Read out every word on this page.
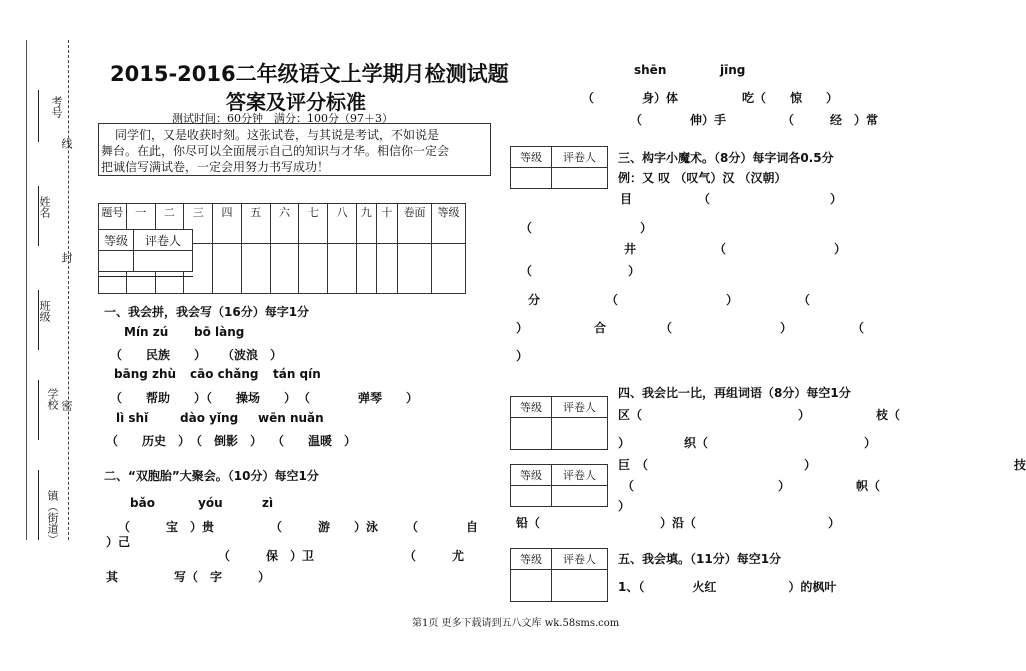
考号
线
姓名
封
班级
学校 密
镇（街道）
2015-2016二年级语文上学期月检测试题
答案及评分标准
测试时间：60分钟　满分：100分（97＋3）
同学们，又是收获时刻。这张试卷，与其说是考试，不如说是
舞台。在此，你尽可以全面展示自己的知识与才华。相信你一定会
把诚信写满试卷，一定会用努力书写成功！
题号	一	二	三	四	五	六	七	八	九	十	卷面	等级

等级	评卷人

一、我会拼，我会写（16分）每字1分
Mín zú bō làng
（　　民族　　） （波浪　）
bāng zhù cāo chǎng tán qín
（　　帮助　　）
（　　操场　　） （　　　　弹琴　　）
lì shǐ	dào yǐng wēn nuǎn
（　　历史　） （　倒影　） （　　温暖　）
二、“双胞胎”大聚会。（10分）每空1分
bǎo	yóu	zì
（　　　宝　）贵	（　　　游　　）泳 （　　　　自
）己
（　　　保　）卫	（　　　尤
其	写（　字　　　）
shēn	jīng
（　　　　身）体	吃（　　惊　　）
（　　　　伸）手	（　　　经　）常
等级	评卷人

等级	评卷人

等级	评卷人

等级	评卷人

三、构字小魔术。（8分）每字词各0.5分
例：又 叹 （叹气）汉 （汉朝）
目　　　　　　（　　　　　　　　　　）
（　　　　　　　　　）
井　　　　　　　（　　　　　　　　　）
（　　　　　　　　）
分　　　　　　（　　　　　　　　　）　　　　　　（
）　　　　　　合　　　　　（　　　　　　　　　）　　　　　　（
）
四、我会比一比，再组词语（8分）每空1分
区（　　　　　　　　　　　　　）　　　　　　枝（
）　　　　　织（　　　　　　　　　　　　　）
巨　（　　　　　　　　　　　　　）　　　　　　　　　　　　　　　　　技
（　　　　　　　　　　　　）　　　　　　帜（
）
铅（　　　　　　　　　　）沿（　　　　　　　　　　　）
五、我会填。（11分）每空1分
1、（　　　　火红　　　　　　）的枫叶
第1页 更多下载请到五八文库 wk.58sms.com
